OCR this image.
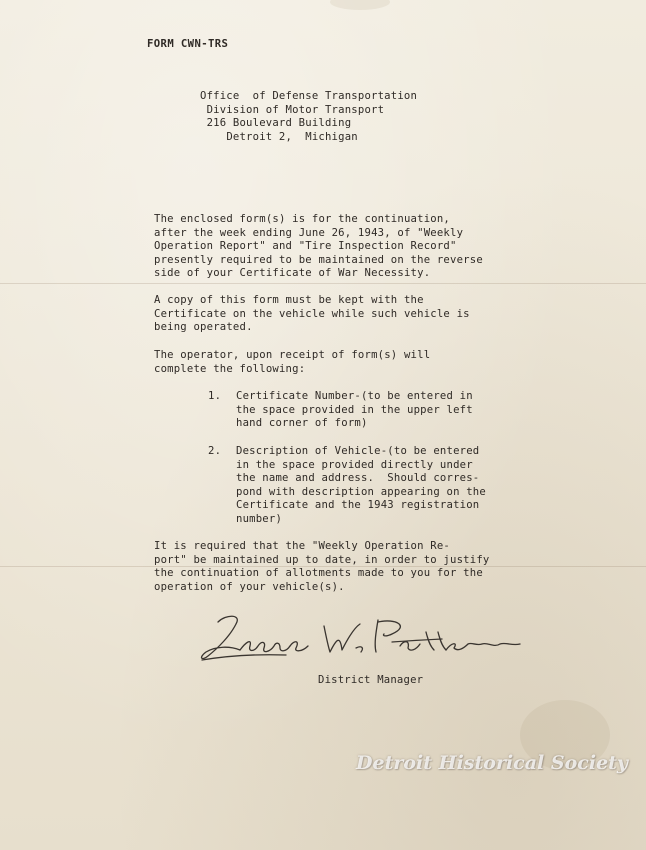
FORM CWN-TRS
Office  of Defense Transportation
Division of Motor Transport
216 Boulevard Building
Detroit 2,  Michigan
The enclosed form(s) is for the continuation,
after the week ending June 26, 1943, of "Weekly
Operation Report" and "Tire Inspection Record"
presently required to be maintained on the reverse
side of your Certificate of War Necessity.
A copy of this form must be kept with the
Certificate on the vehicle while such vehicle is
being operated.
The operator, upon receipt of form(s) will
complete the following:
1. Certificate Number-(to be entered in
the space provided in the upper left
hand corner of form)
2. Description of Vehicle-(to be entered
in the space provided directly under
the name and address.  Should corres-
pond with description appearing on the
Certificate and the 1943 registration
number)
It is required that the "Weekly Operation Re-
port" be maintained up to date, in order to justify
the continuation of allotments made to you for the
operation of your vehicle(s).
District Manager
Detroit Historical Society
